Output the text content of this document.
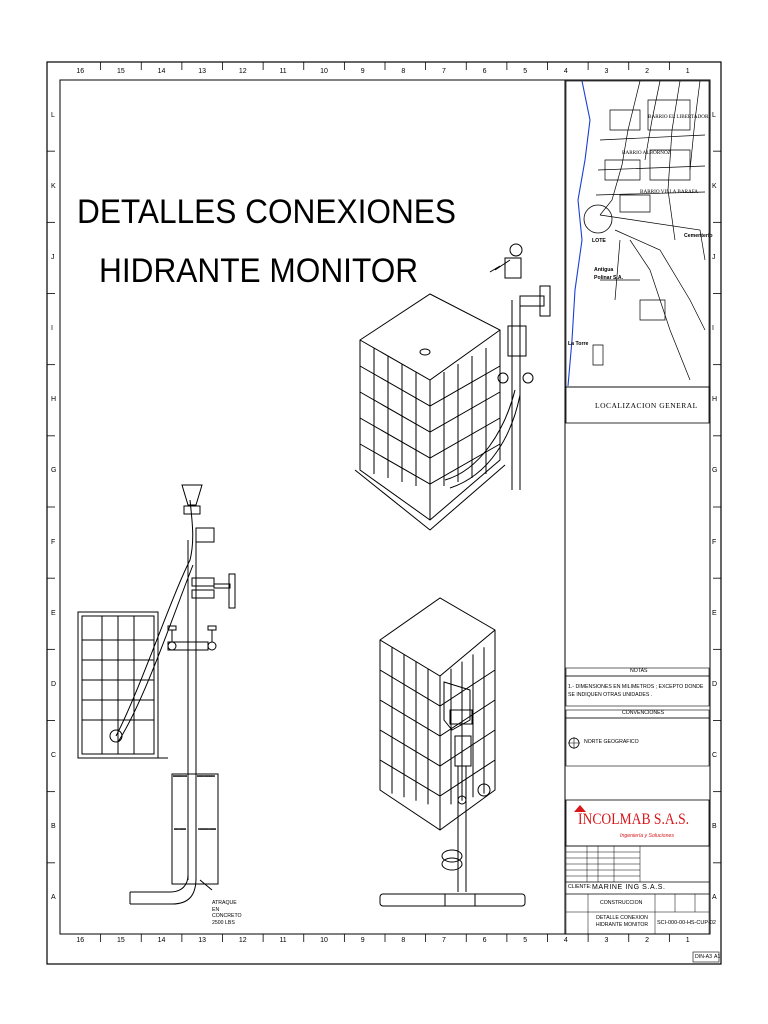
DETALLES CONEXIONES
HIDRANTE MONITOR
16	15	14	13	12	11	10	9	8	7	6	5	4	3	2	1
16	15	14	13	12	11	10	9	8	7	6	5	4	3	2	1
L
K
J
I
H
G
F
E
D
C
B
A
L
K
J
I
H
G
F
E
D
C
B
A
BARRIO EL LIBERTADOR
BARRIO ALBORNOZ
BARRIO VILLA BARAFA
LOTE
Antigua Polinar S.A.
Cementerio
La Torre
LOCALIZACION GENERAL
NOTAS
1.- DIMENSIONES EN MILIMETROS ; EXCEPTO DONDE SE INDIQUEN OTRAS UNIDADES .
CONVENCIONES
NORTE GEOGRAFICO
INCOLMAB S.A.S.
Ingeniería y Soluciones
CLIENTE: MARINE ING S.A.S.
CONSTRUCCION
DETALLE CONEXION HIDRANTE MONITOR	SCI-000-00-HS-CUP-02
DIN-A3 A1
ATRAQUE EN CONCRETO 2500 LBS
